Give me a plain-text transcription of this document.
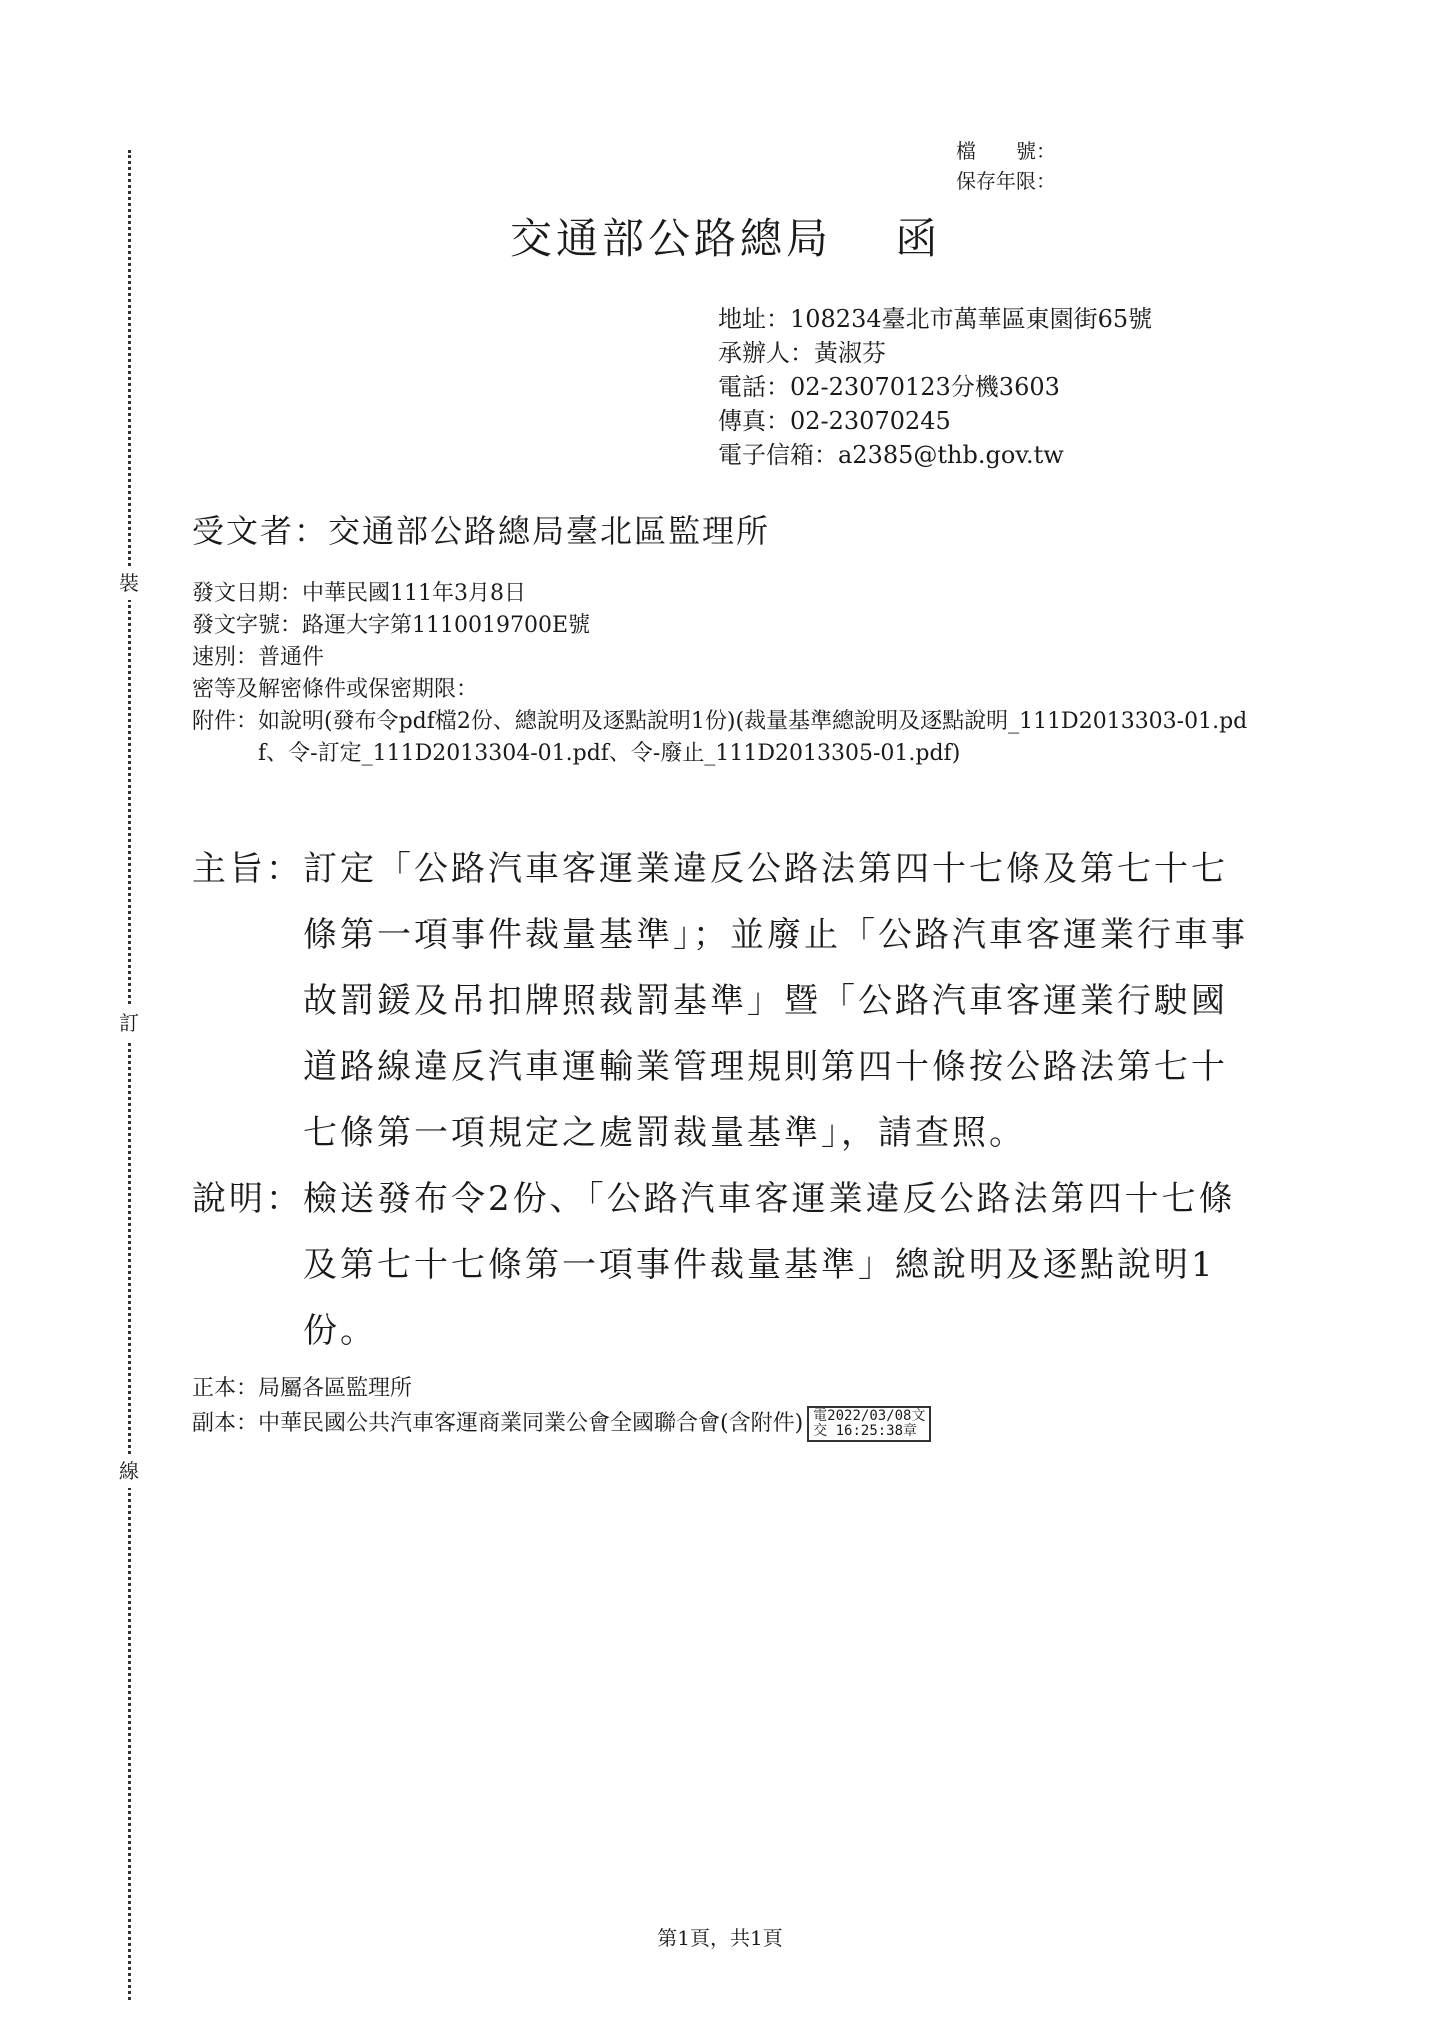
裝
訂
線
檔　　號：
保存年限：
交通部公路總局　 函
地址：108234臺北市萬華區東園街65號
承辦人：黃淑芬
電話：02-23070123分機3603
傳真：02-23070245
電子信箱：a2385@thb.gov.tw
受文者：交通部公路總局臺北區監理所
發文日期：中華民國111年3月8日
發文字號：路運大字第1110019700E號
速別：普通件
密等及解密條件或保密期限：
附件： 如說明(發布令pdf檔2份、總說明及逐點說明1份)(裁量基準總說明及逐點說明_111D2013303-01.pdf、令-訂定_111D2013304-01.pdf、令-廢止_111D2013305-01.pdf)
主旨： 訂定「公路汽車客運業違反公路法第四十七條及第七十七條第一項事件裁量基準」；並廢止「公路汽車客運業行車事故罰鍰及吊扣牌照裁罰基準」暨「公路汽車客運業行駛國道路線違反汽車運輸業管理規則第四十條按公路法第七十七條第一項規定之處罰裁量基準」，請查照。
說明： 檢送發布令2份、「公路汽車客運業違反公路法第四十七條及第七十七條第一項事件裁量基準」總說明及逐點說明1份。
正本：局屬各區監理所
副本：中華民國公共汽車客運商業同業公會全國聯合會(含附件) 電2022/03/08文
交 16:25:38章
第1頁，共1頁
